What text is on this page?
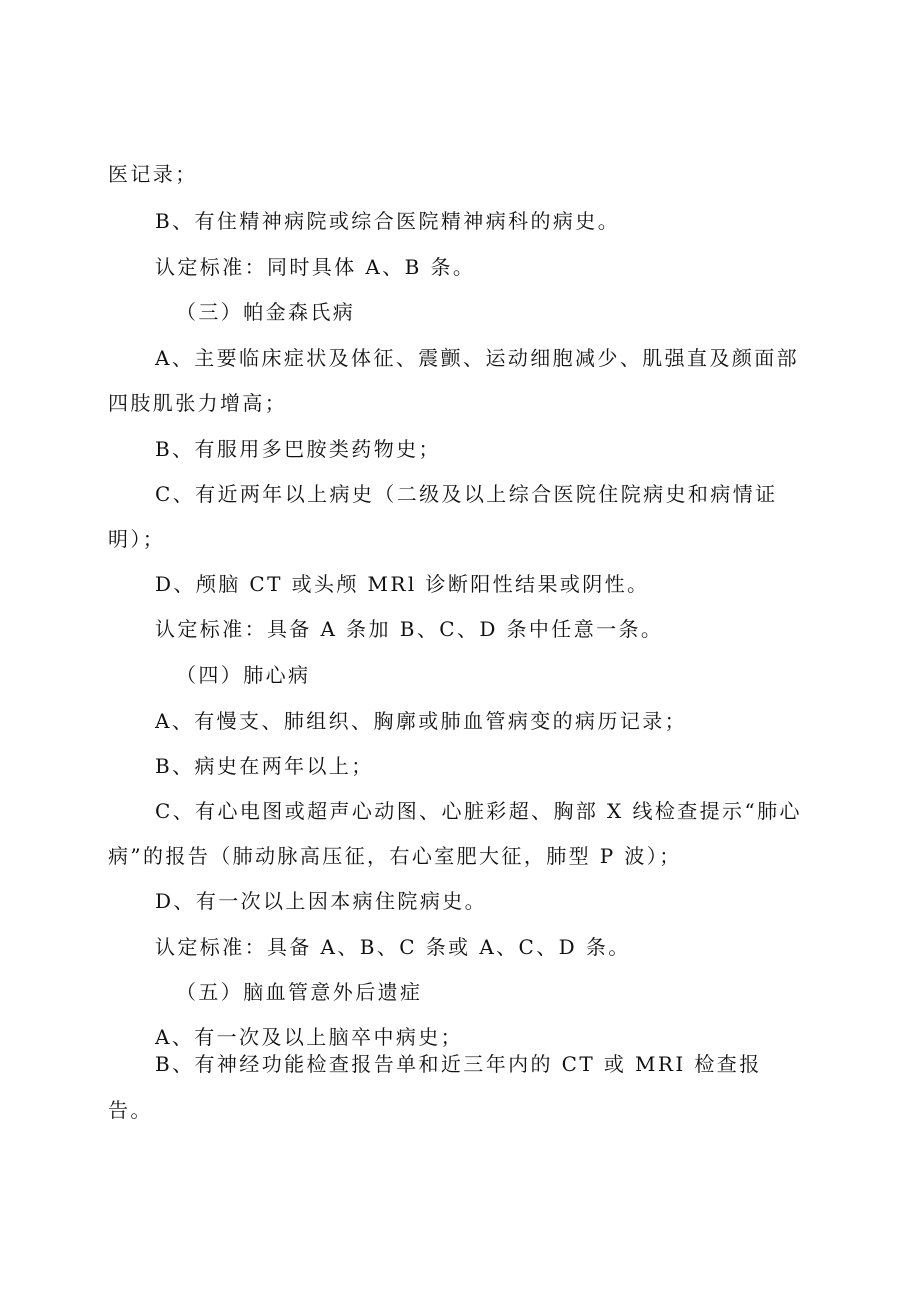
医记录；
B、有住精神病院或综合医院精神病科的病史。
认定标准：同时具体 A、B 条。
（三）帕金森氏病
A、主要临床症状及体征、震颤、运动细胞减少、肌强直及颜面部
四肢肌张力增高；
B、有服用多巴胺类药物史；
C、有近两年以上病史（二级及以上综合医院住院病史和病情证
明）；
D、颅脑 CT 或头颅 MRl 诊断阳性结果或阴性。
认定标准：具备 A 条加 B、C、D 条中任意一条。
（四）肺心病
A、有慢支、肺组织、胸廓或肺血管病变的病历记录；
B、病史在两年以上；
C、有心电图或超声心动图、心脏彩超、胸部 X 线检查提示“肺心
病”的报告（肺动脉高压征，右心室肥大征，肺型 P 波）；
D、有一次以上因本病住院病史。
认定标准：具备 A、B、C 条或 A、C、D 条。
（五）脑血管意外后遗症
A、有一次及以上脑卒中病史；
B、有神经功能检查报告单和近三年内的 CT 或 MRI 检查报
告。
